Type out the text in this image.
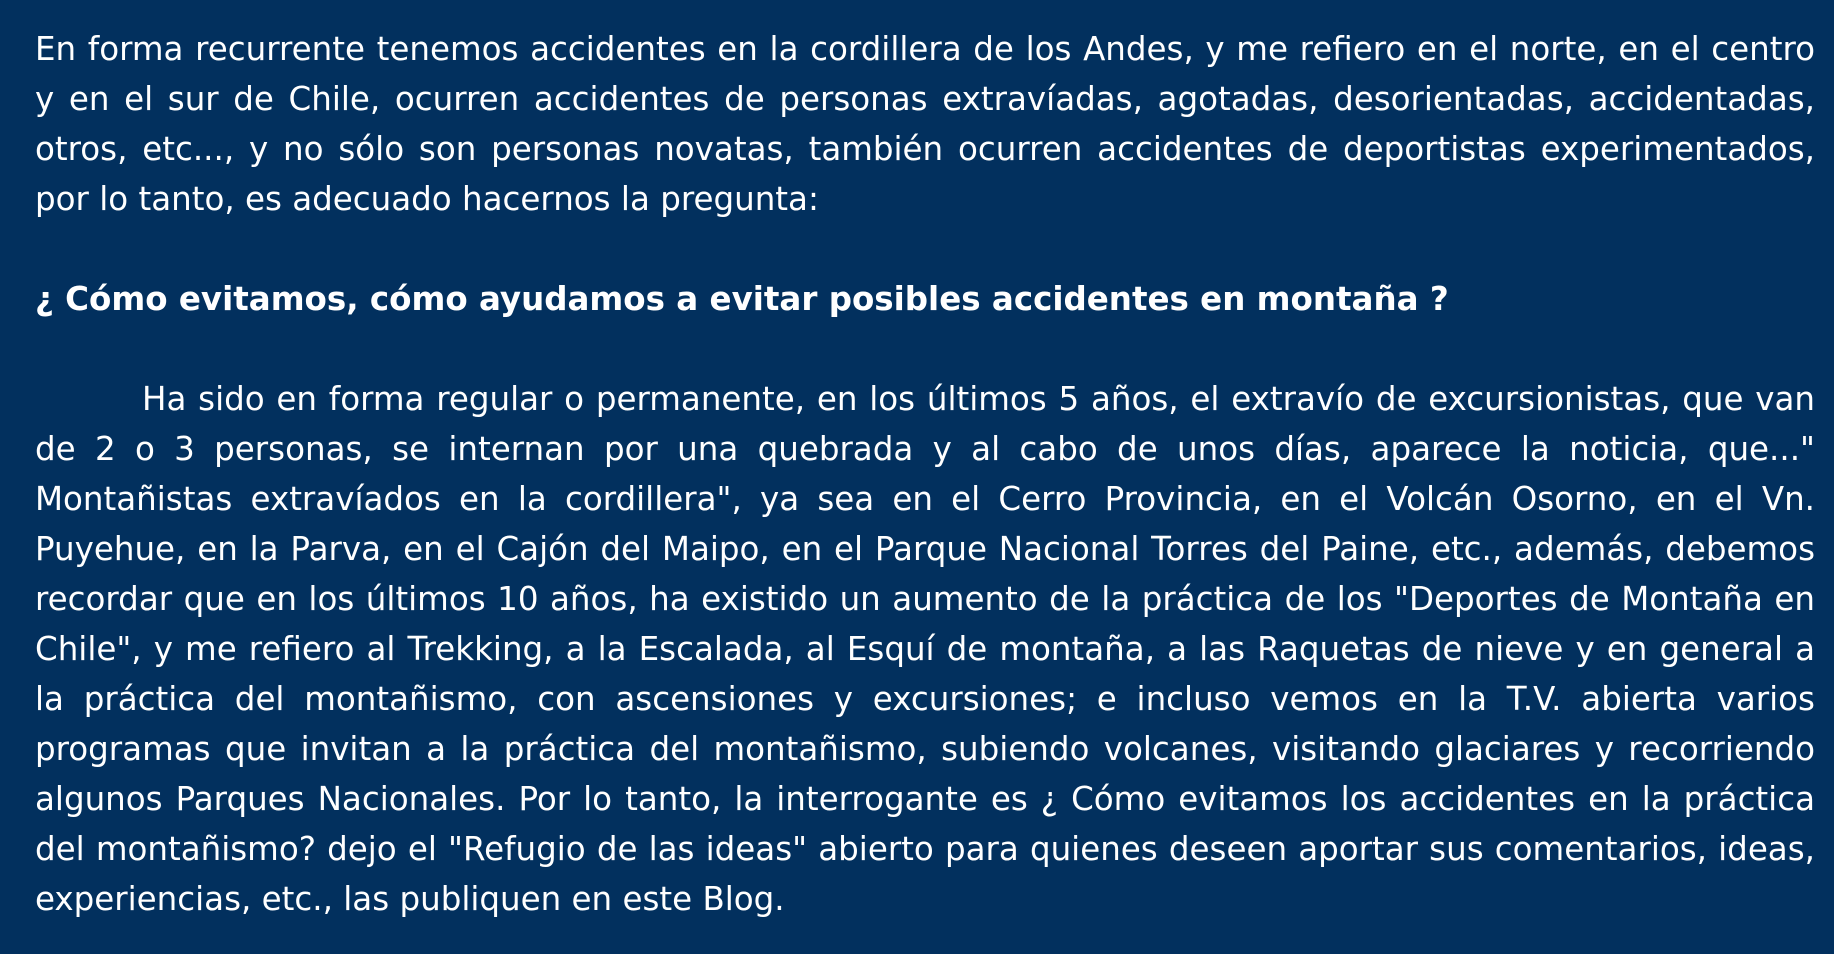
En forma recurrente tenemos accidentes en la cordillera de los Andes, y me refiero en el norte, en el centro y en el sur de Chile, ocurren accidentes de personas extravíadas, agotadas, desorientadas, accidentadas, otros, etc..., y no sólo son personas novatas, también ocurren accidentes de deportistas experimentados, por lo tanto, es adecuado hacernos la pregunta:

¿ Cómo evitamos, cómo ayudamos a evitar posibles accidentes en montaña ?

Ha sido en forma regular o permanente, en los últimos 5 años, el extravío de excursionistas, que van de 2 o 3 personas, se internan por una quebrada y al cabo de unos días, aparece la noticia, que..." Montañistas extravíados en la cordillera", ya sea en el Cerro Provincia, en el Volcán Osorno, en el Vn. Puyehue, en la Parva, en el Cajón del Maipo, en el Parque Nacional Torres del Paine, etc., además, debemos recordar que en los últimos 10 años, ha existido un aumento de la práctica de los "Deportes de Montaña en Chile", y me refiero al Trekking, a la Escalada, al Esquí de montaña, a las Raquetas de nieve y en general a la práctica del montañismo, con ascensiones y excursiones; e incluso vemos en la T.V. abierta varios programas que invitan a la práctica del montañismo, subiendo volcanes, visitando glaciares y recorriendo algunos Parques Nacionales. Por lo tanto, la interrogante es ¿ Cómo evitamos los accidentes en la práctica del montañismo? dejo el "Refugio de las ideas" abierto para quienes deseen aportar sus comentarios, ideas, experiencias, etc., las publiquen en este Blog.
